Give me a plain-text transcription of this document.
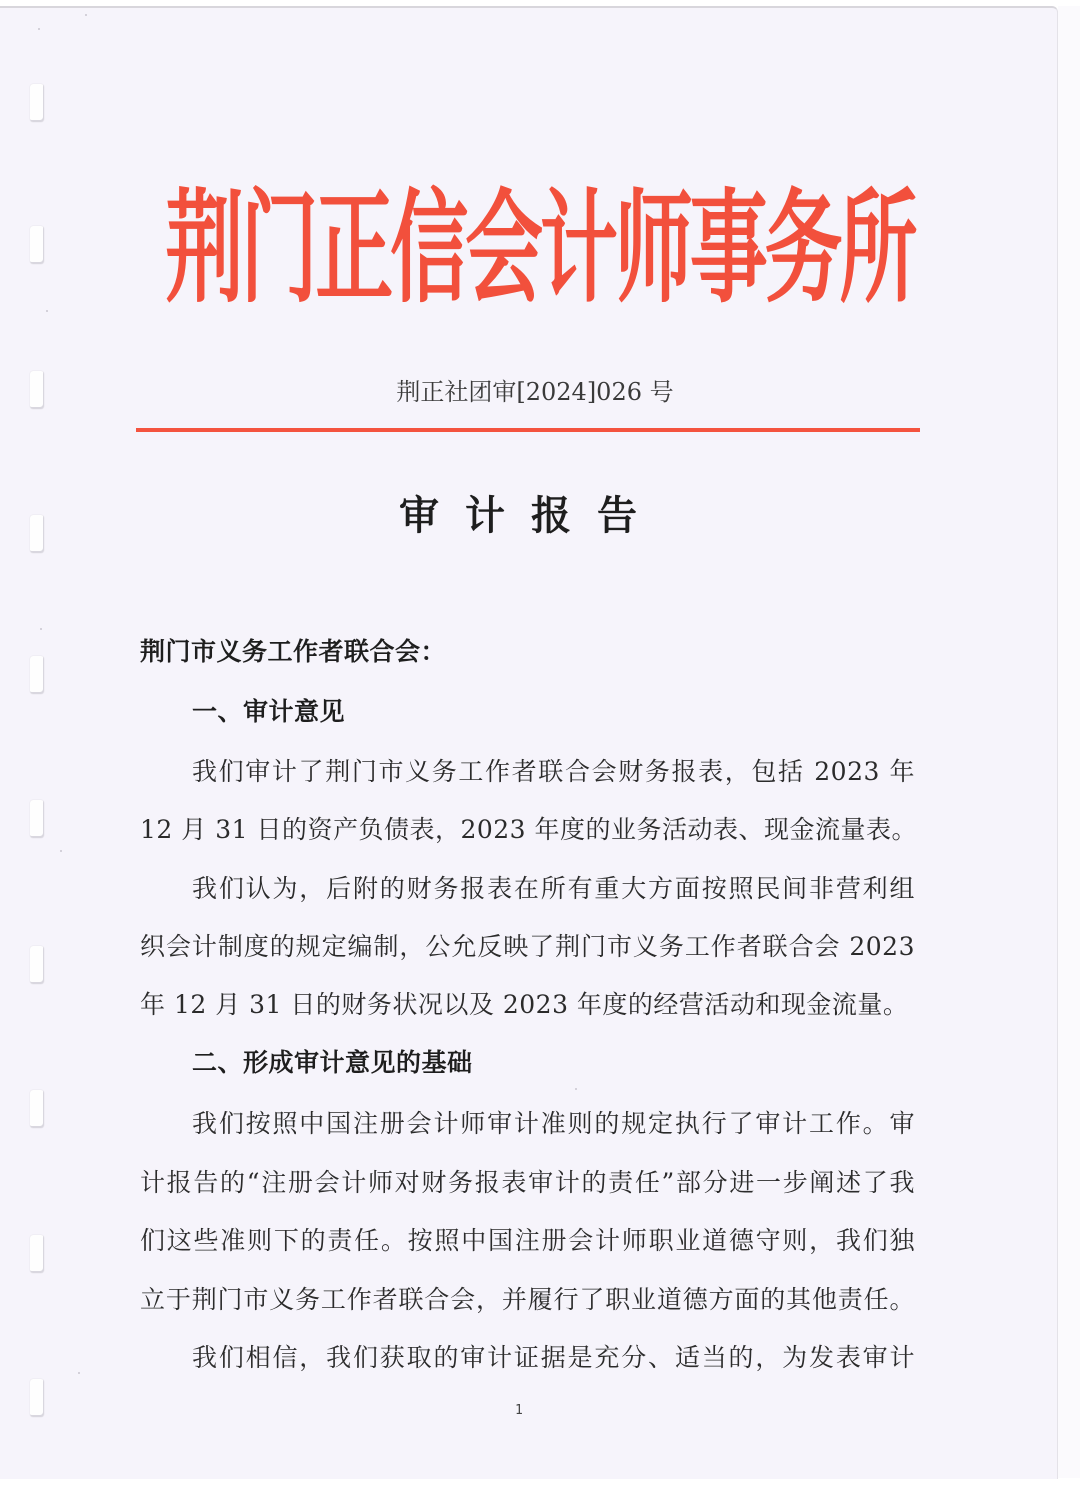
荆门正信会计师事务所
荆正社团审[2024]026 号
审计报告
荆门市义务工作者联合会：
一、审计意见
我们审计了荆门市义务工作者联合会财务报表，包括 2023 年
12 月 31 日的资产负债表，2023 年度的业务活动表、现金流量表。
我们认为，后附的财务报表在所有重大方面按照民间非营利组
织会计制度的规定编制，公允反映了荆门市义务工作者联合会 2023
年 12 月 31 日的财务状况以及 2023 年度的经营活动和现金流量。
二、形成审计意见的基础
我们按照中国注册会计师审计准则的规定执行了审计工作。审
计报告的“注册会计师对财务报表审计的责任”部分进一步阐述了我
们这些准则下的责任。按照中国注册会计师职业道德守则，我们独
立于荆门市义务工作者联合会，并履行了职业道德方面的其他责任。
我们相信，我们获取的审计证据是充分、适当的，为发表审计
1
